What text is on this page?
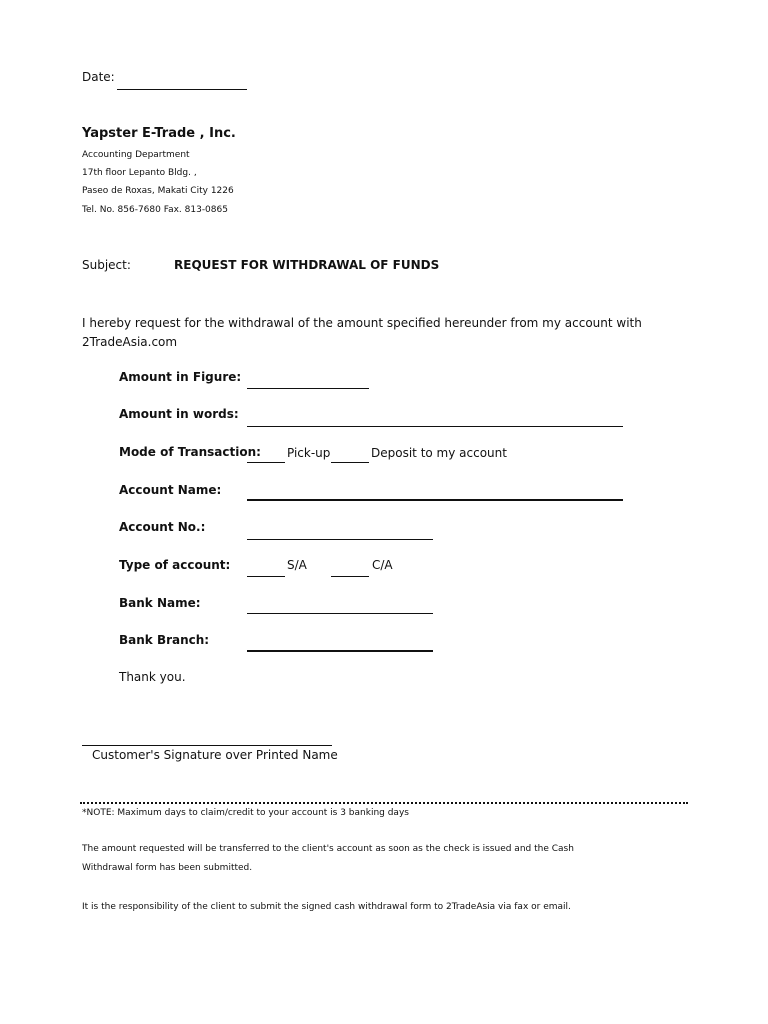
Date:
Yapster E-Trade , Inc.
Accounting Department
17th floor Lepanto Bldg. ,
Paseo de Roxas, Makati City 1226
Tel. No. 856-7680 Fax. 813-0865
Subject:	REQUEST FOR WITHDRAWAL OF FUNDS
I hereby request for the withdrawal of the amount specified hereunder from my account with
2TradeAsia.com
Amount in Figure:
Amount in words:
Mode of Transaction: Pick-up	Deposit to my account
Account Name:
Account No.:
Type of account:	S/A	C/A
Bank Name:
Bank Branch:
Thank you.
Customer's Signature over Printed Name
*NOTE: Maximum days to claim/credit to your account is 3 banking days
The amount requested will be transferred to the client's account as soon as the check is issued and the Cash
Withdrawal form has been submitted.
It is the responsibility of the client to submit the signed cash withdrawal form to 2TradeAsia via fax or email.
